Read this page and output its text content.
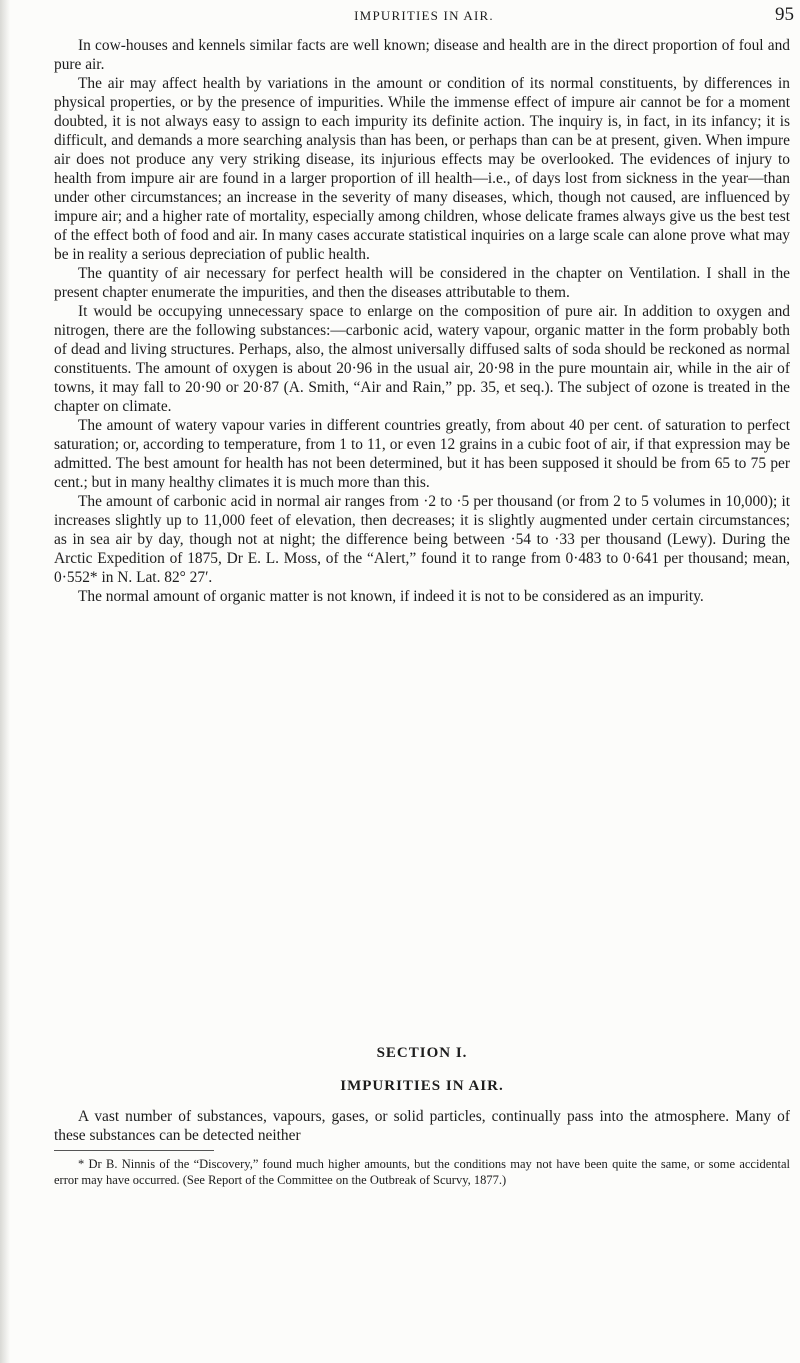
IMPURITIES IN AIR.	95

In cow-houses and kennels similar facts are well known; disease and health are in the direct proportion of foul and pure air.

The air may affect health by variations in the amount or condition of its normal constituents, by differences in physical properties, or by the presence of impurities. While the immense effect of impure air cannot be for a moment doubted, it is not always easy to assign to each impurity its definite action. The inquiry is, in fact, in its infancy; it is difficult, and demands a more searching analysis than has been, or perhaps than can be at present, given. When impure air does not produce any very striking disease, its injurious effects may be overlooked. The evidences of injury to health from impure air are found in a larger proportion of ill health—i.e., of days lost from sickness in the year—than under other circumstances; an increase in the severity of many diseases, which, though not caused, are influenced by impure air; and a higher rate of mortality, especially among children, whose delicate frames always give us the best test of the effect both of food and air. In many cases accurate statistical inquiries on a large scale can alone prove what may be in reality a serious depreciation of public health.

The quantity of air necessary for perfect health will be considered in the chapter on Ventilation. I shall in the present chapter enumerate the impurities, and then the diseases attributable to them.

It would be occupying unnecessary space to enlarge on the composition of pure air. In addition to oxygen and nitrogen, there are the following substances:—carbonic acid, watery vapour, organic matter in the form probably both of dead and living structures. Perhaps, also, the almost universally diffused salts of soda should be reckoned as normal constituents. The amount of oxygen is about 20·96 in the usual air, 20·98 in the pure mountain air, while in the air of towns, it may fall to 20·90 or 20·87 (A. Smith, “Air and Rain,” pp. 35, et seq.). The subject of ozone is treated in the chapter on climate.

The amount of watery vapour varies in different countries greatly, from about 40 per cent. of saturation to perfect saturation; or, according to temperature, from 1 to 11, or even 12 grains in a cubic foot of air, if that expression may be admitted. The best amount for health has not been determined, but it has been supposed it should be from 65 to 75 per cent.; but in many healthy climates it is much more than this.

The amount of carbonic acid in normal air ranges from ·2 to ·5 per thousand (or from 2 to 5 volumes in 10,000); it increases slightly up to 11,000 feet of elevation, then decreases; it is slightly augmented under certain circumstances; as in sea air by day, though not at night; the difference being between ·54 to ·33 per thousand (Lewy). During the Arctic Expedition of 1875, Dr E. L. Moss, of the “Alert,” found it to range from 0·483 to 0·641 per thousand; mean, 0·552* in N. Lat. 82° 27′.

The normal amount of organic matter is not known, if indeed it is not to be considered as an impurity.

SECTION I.
IMPURITIES IN AIR.

A vast number of substances, vapours, gases, or solid particles, continually pass into the atmosphere. Many of these substances can be detected neither

* Dr B. Ninnis of the “Discovery,” found much higher amounts, but the conditions may not have been quite the same, or some accidental error may have occurred. (See Report of the Committee on the Outbreak of Scurvy, 1877.)
